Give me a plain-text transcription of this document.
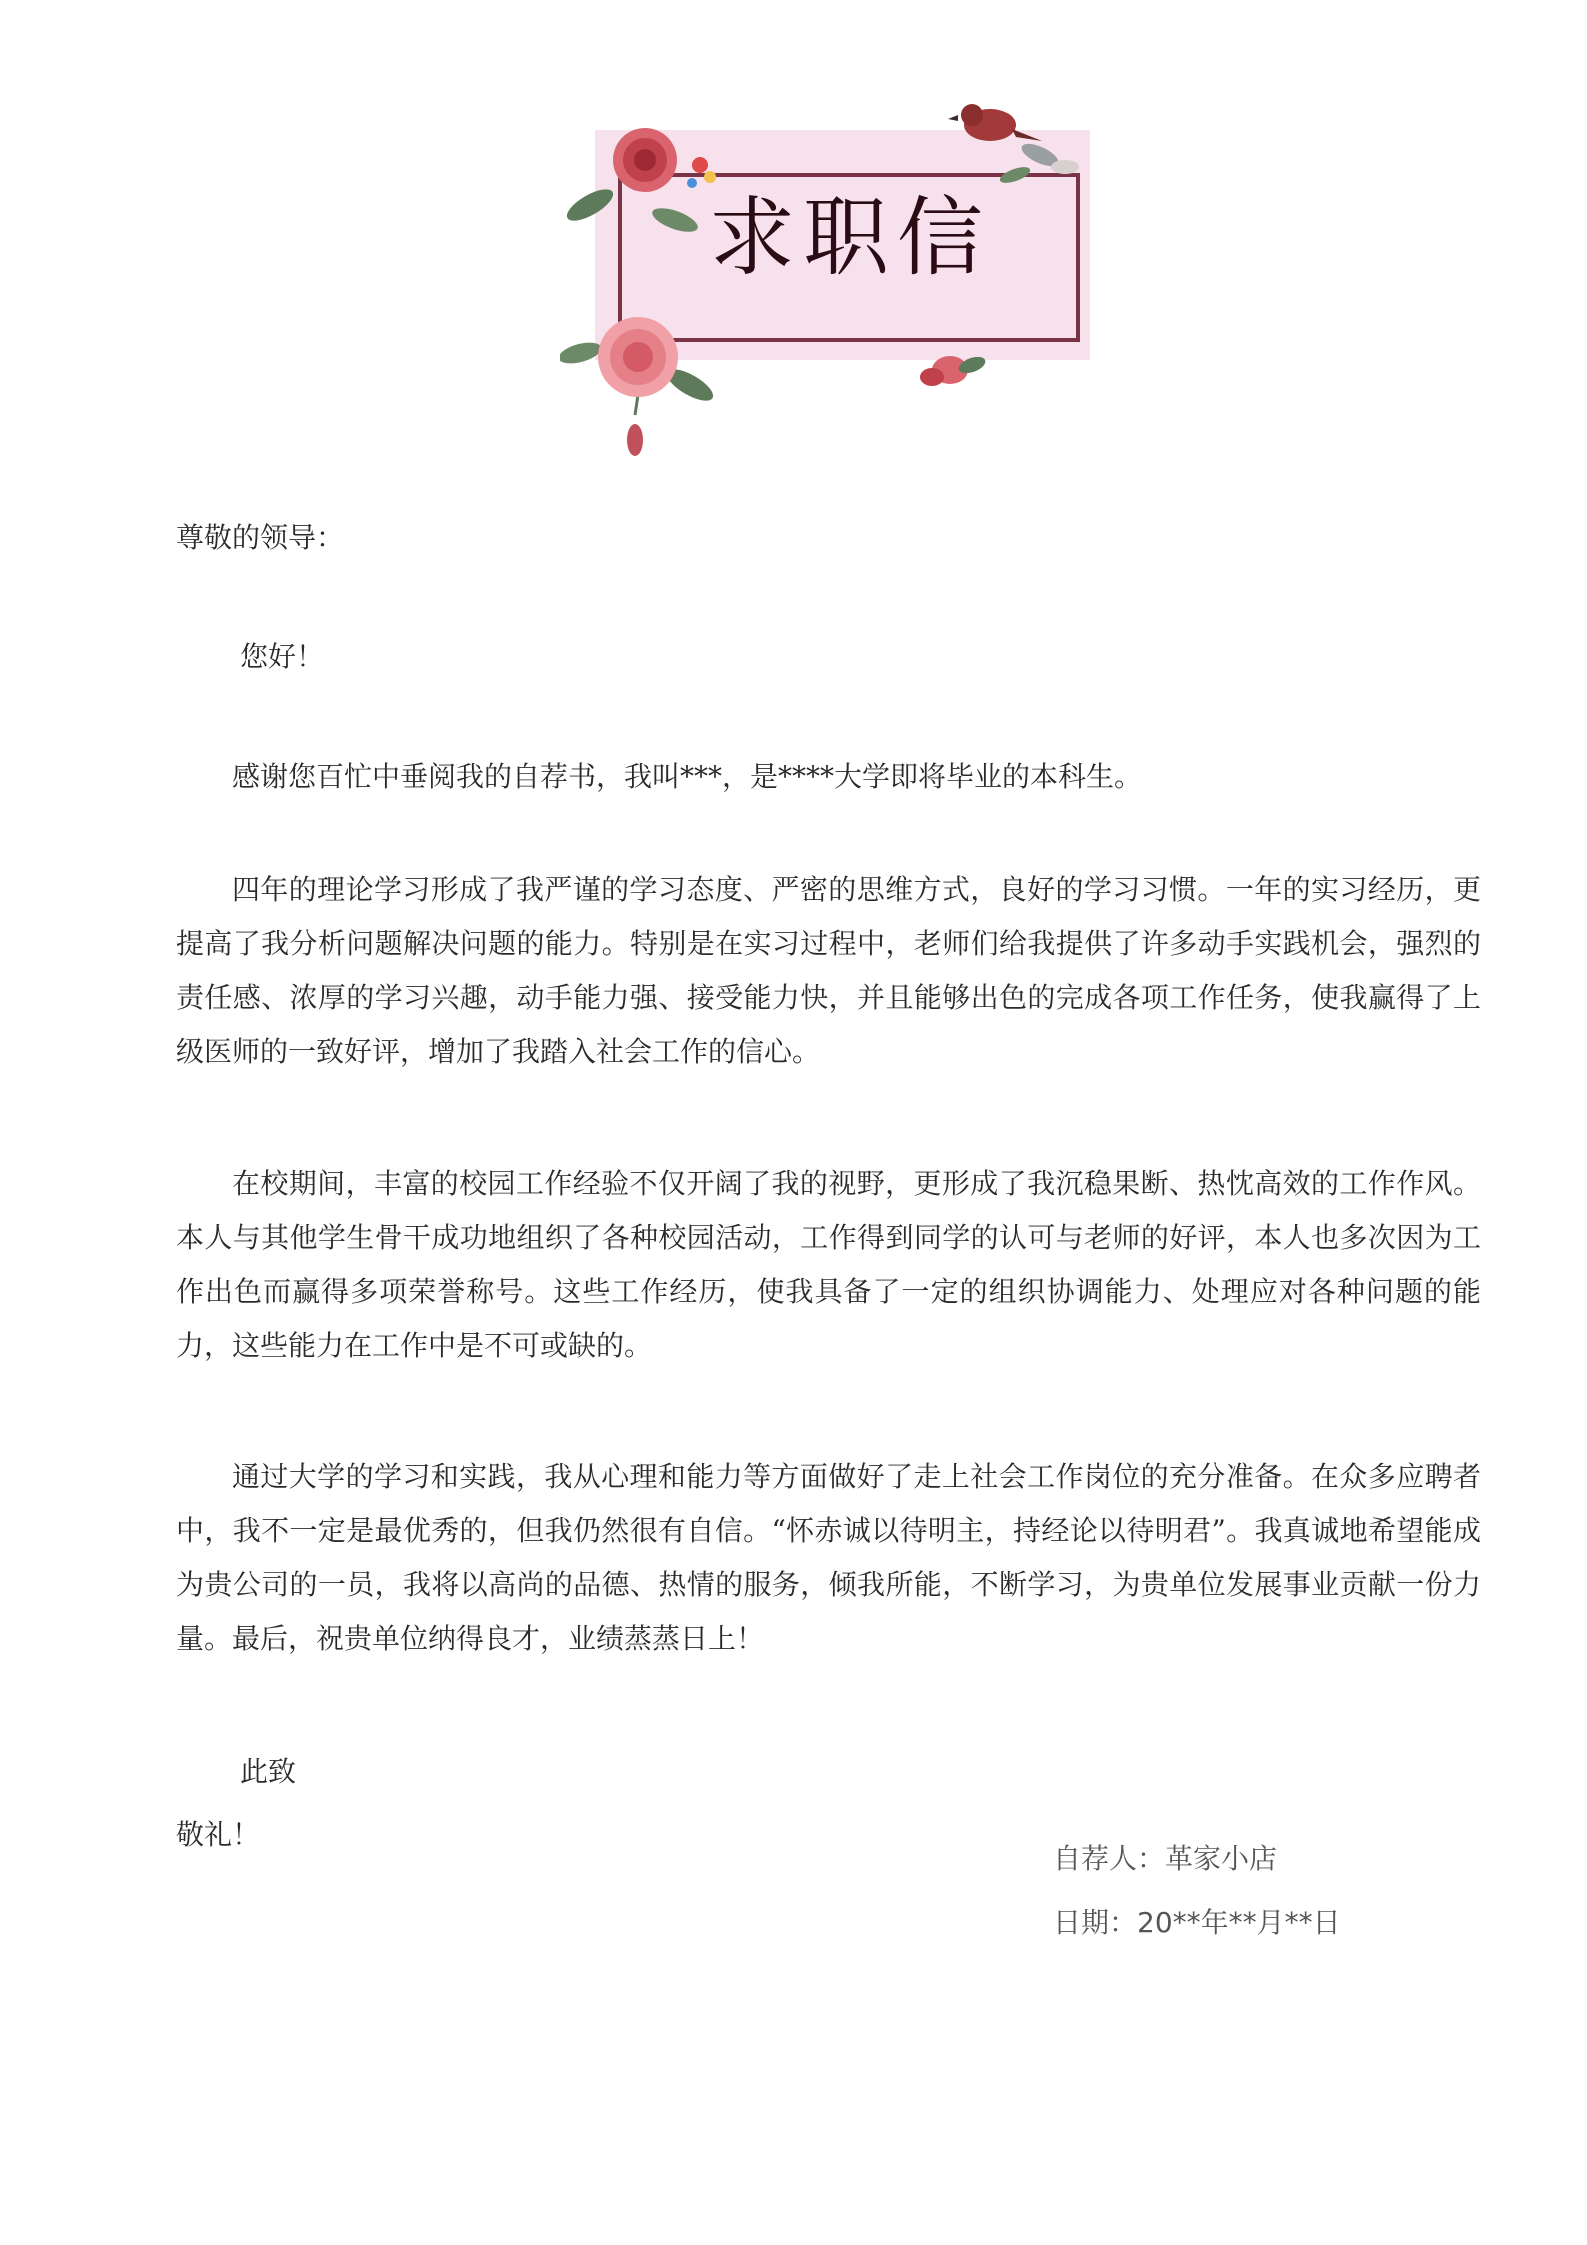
求职信
尊敬的领导：
您好！

感谢您百忙中垂阅我的自荐书，我叫***，是****大学即将毕业的本科生。

四年的理论学习形成了我严谨的学习态度、严密的思维方式，良好的学习习惯。一年的实习经历，更提高了我分析问题解决问题的能力。特别是在实习过程中，老师们给我提供了许多动手实践机会，强烈的责任感、浓厚的学习兴趣，动手能力强、接受能力快，并且能够出色的完成各项工作任务，使我赢得了上级医师的一致好评，增加了我踏入社会工作的信心。

在校期间，丰富的校园工作经验不仅开阔了我的视野，更形成了我沉稳果断、热忱高效的工作作风。本人与其他学生骨干成功地组织了各种校园活动，工作得到同学的认可与老师的好评，本人也多次因为工作出色而赢得多项荣誉称号。这些工作经历，使我具备了一定的组织协调能力、处理应对各种问题的能力，这些能力在工作中是不可或缺的。

通过大学的学习和实践，我从心理和能力等方面做好了走上社会工作岗位的充分准备。在众多应聘者中，我不一定是最优秀的，但我仍然很有自信。“怀赤诚以待明主，持经论以待明君”。我真诚地希望能成为贵公司的一员，我将以高尚的品德、热情的服务，倾我所能，不断学习，为贵单位发展事业贡献一份力量。最后，祝贵单位纳得良才，业绩蒸蒸日上！

此致
敬礼！
自荐人：革家小店
日期：20**年**月**日
